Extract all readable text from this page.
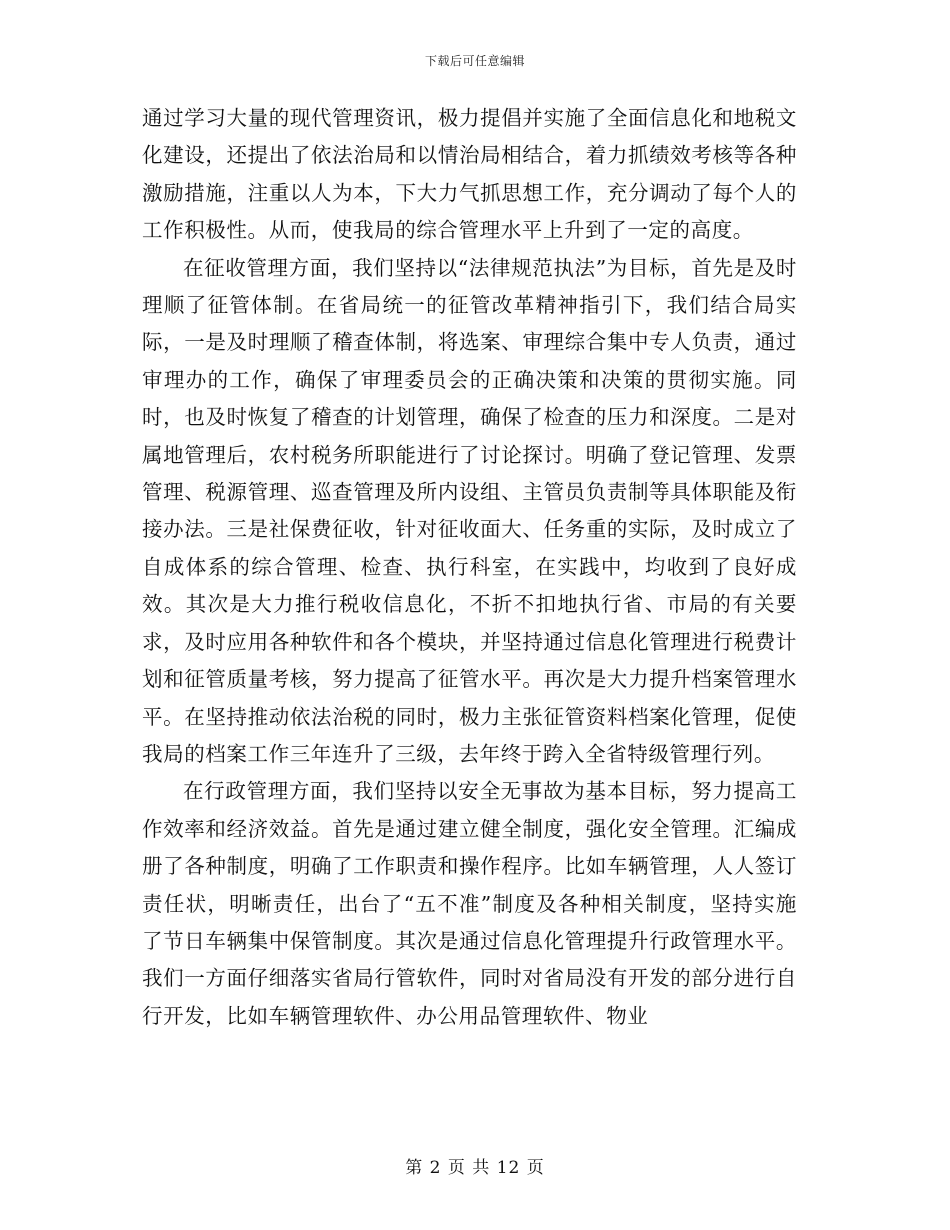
下载后可任意编辑

通过学习大量的现代管理资讯，极力提倡并实施了全面信息化和地税文化建设，还提出了依法治局和以情治局相结合，着力抓绩效考核等各种激励措施，注重以人为本，下大力气抓思想工作，充分调动了每个人的工作积极性。从而，使我局的综合管理水平上升到了一定的高度。

在征收管理方面，我们坚持以“法律规范执法”为目标，首先是及时理顺了征管体制。在省局统一的征管改革精神指引下，我们结合局实际，一是及时理顺了稽查体制，将选案、审理综合集中专人负责，通过审理办的工作，确保了审理委员会的正确决策和决策的贯彻实施。同时，也及时恢复了稽查的计划管理，确保了检查的压力和深度。二是对属地管理后，农村税务所职能进行了讨论探讨。明确了登记管理、发票管理、税源管理、巡查管理及所内设组、主管员负责制等具体职能及衔接办法。三是社保费征收，针对征收面大、任务重的实际，及时成立了自成体系的综合管理、检查、执行科室，在实践中，均收到了良好成效。其次是大力推行税收信息化，不折不扣地执行省、市局的有关要求，及时应用各种软件和各个模块，并坚持通过信息化管理进行税费计划和征管质量考核，努力提高了征管水平。再次是大力提升档案管理水平。在坚持推动依法治税的同时，极力主张征管资料档案化管理，促使我局的档案工作三年连升了三级，去年终于跨入全省特级管理行列。

在行政管理方面，我们坚持以安全无事故为基本目标，努力提高工作效率和经济效益。首先是通过建立健全制度，强化安全管理。汇编成册了各种制度，明确了工作职责和操作程序。比如车辆管理，人人签订责任状，明晰责任，出台了“五不准”制度及各种相关制度，坚持实施了节日车辆集中保管制度。其次是通过信息化管理提升行政管理水平。我们一方面仔细落实省局行管软件，同时对省局没有开发的部分进行自行开发，比如车辆管理软件、办公用品管理软件、物业

第 2 页 共 12 页
